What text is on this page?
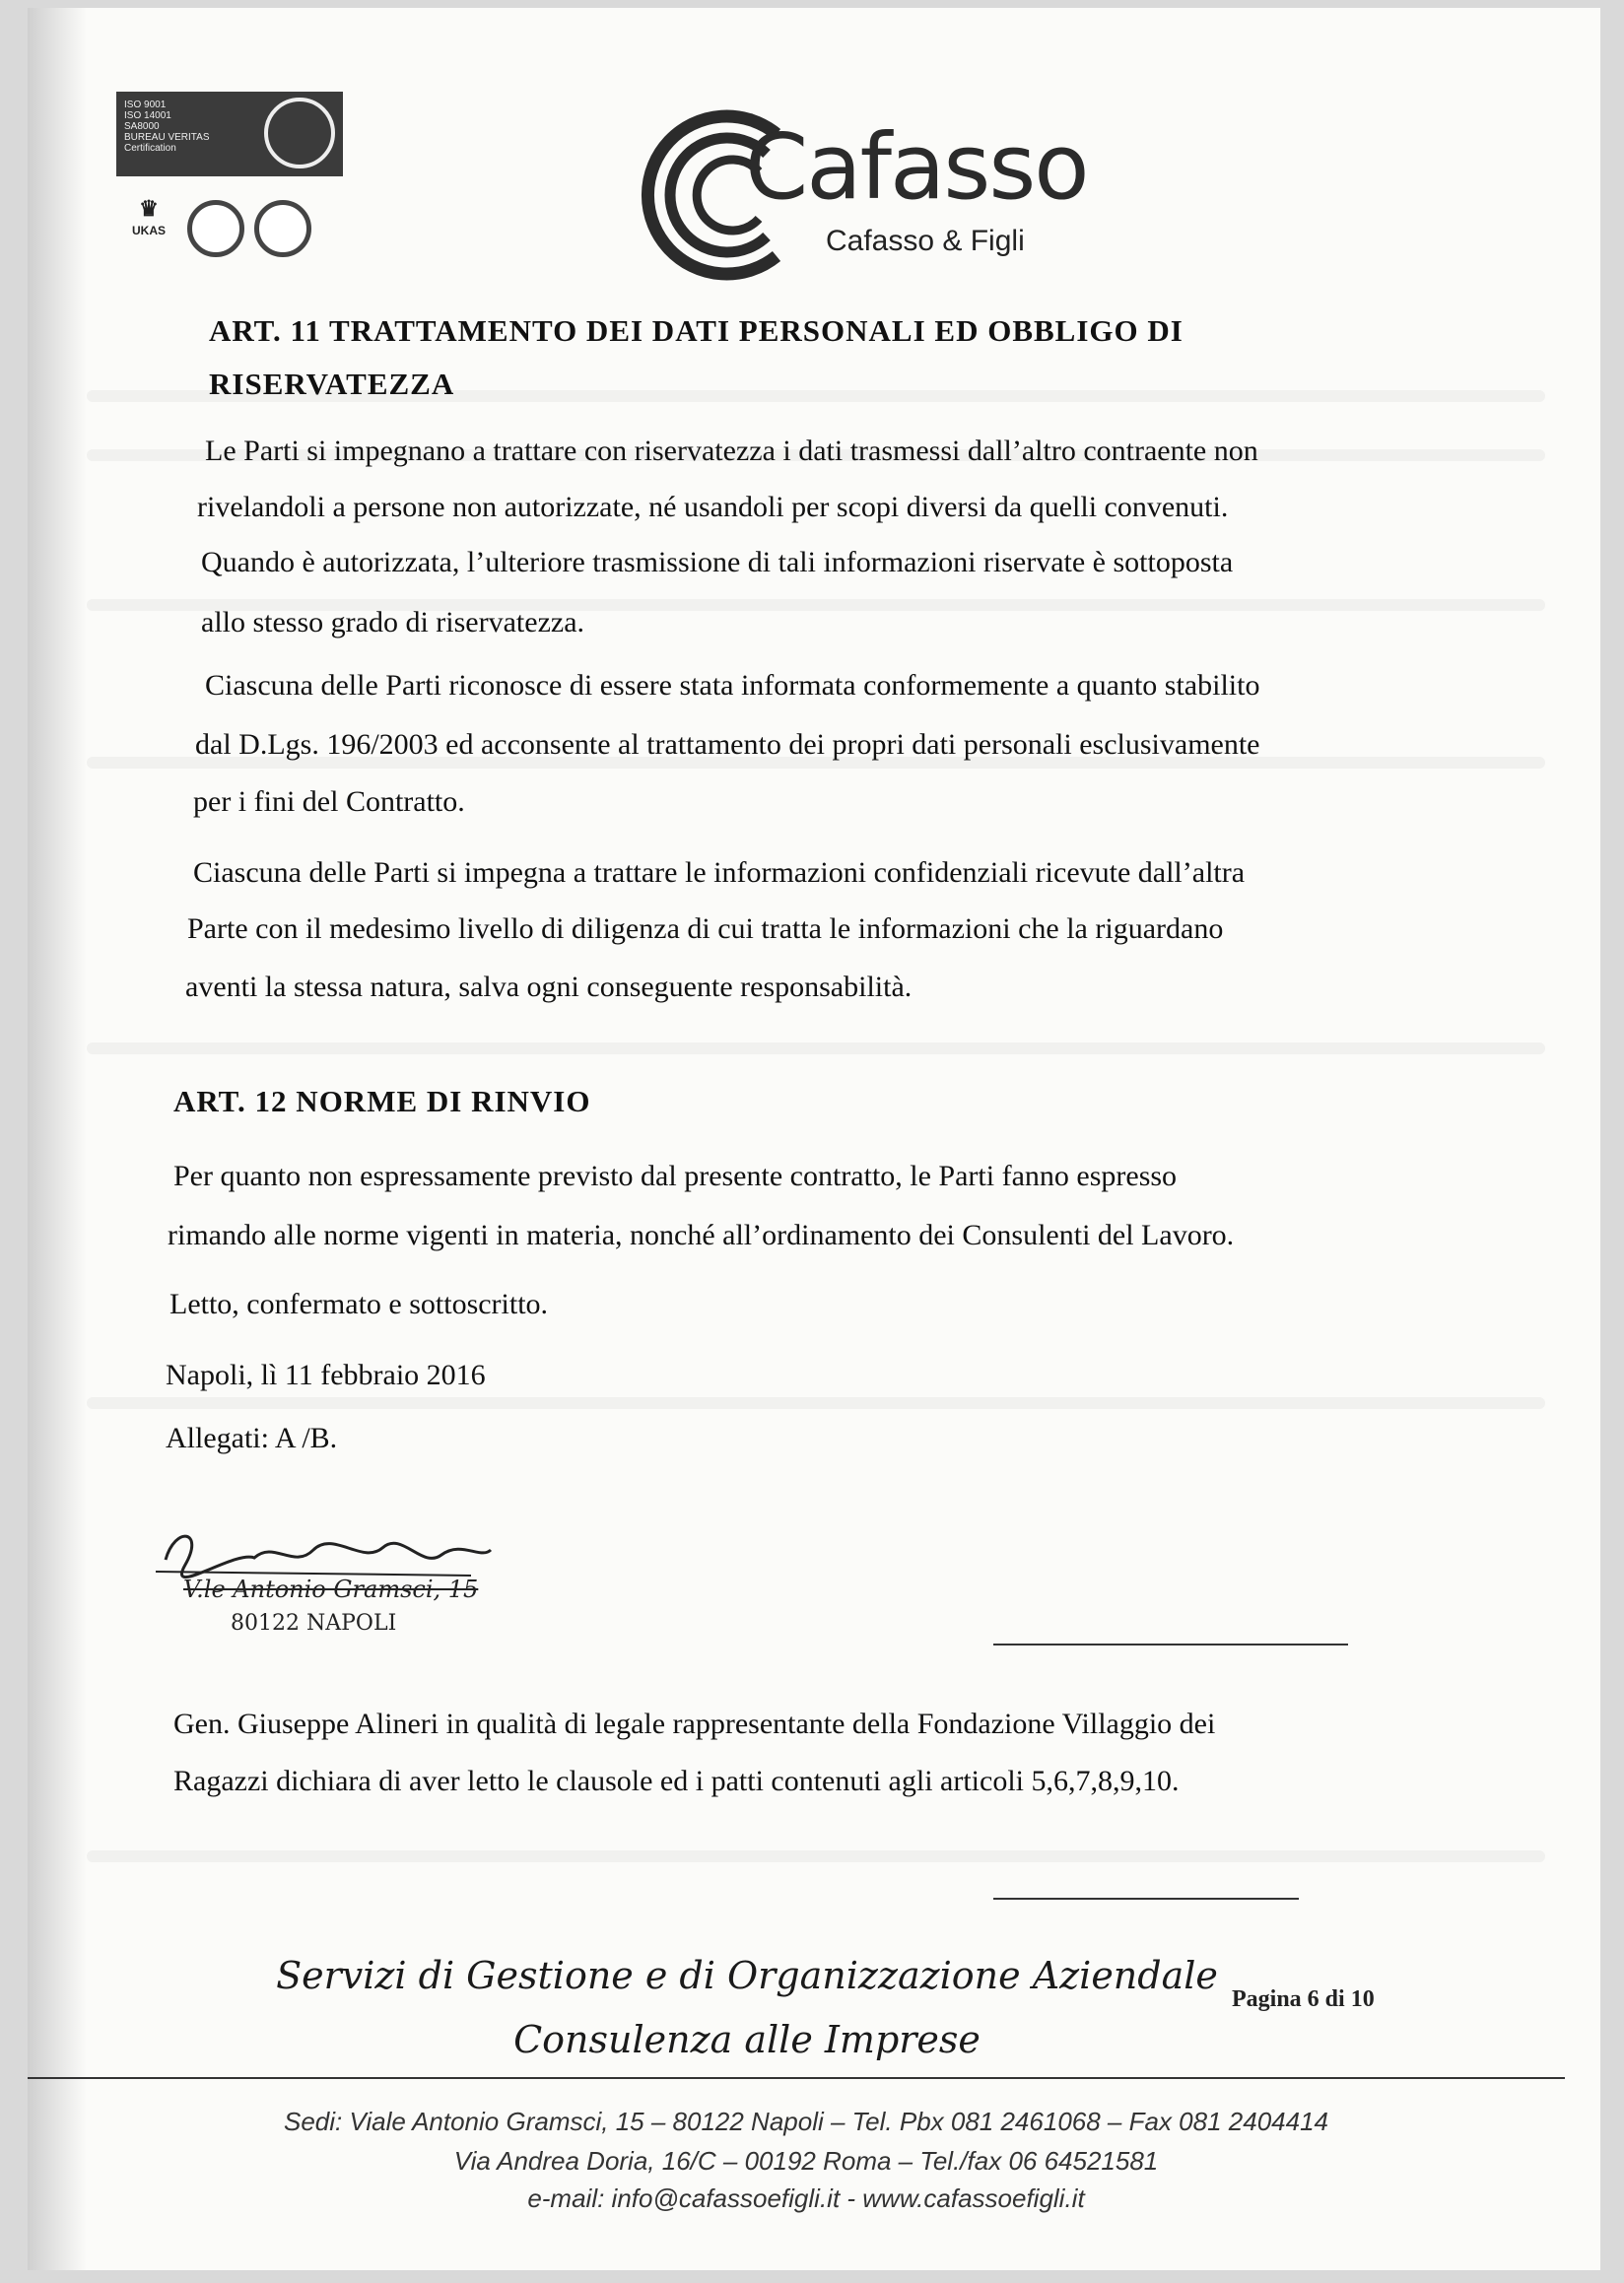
ISO 9001
ISO 14001
SA8000
BUREAU VERITAS
Certification
♛
UKAS
Cafasso
Cafasso & Figli
ART. 11 TRATTAMENTO DEI DATI PERSONALI ED OBBLIGO DI
RISERVATEZZA
Le Parti si impegnano a trattare con riservatezza i dati trasmessi dall’altro contraente non
rivelandoli a persone non autorizzate, né usandoli per scopi diversi da quelli convenuti.
Quando è autorizzata, l’ulteriore trasmissione di tali informazioni riservate è sottoposta
allo stesso grado di riservatezza.
Ciascuna delle Parti riconosce di essere stata informata conformemente a quanto stabilito
dal D.Lgs. 196/2003 ed acconsente al trattamento dei propri dati personali esclusivamente
per i fini del Contratto.
Ciascuna delle Parti si impegna a trattare le informazioni confidenziali ricevute dall’altra
Parte con il medesimo livello di diligenza di cui tratta le informazioni che la riguardano
aventi la stessa natura, salva ogni conseguente responsabilità.
ART. 12 NORME DI RINVIO
Per quanto non espressamente previsto dal presente contratto, le Parti fanno espresso
rimando alle norme vigenti in materia, nonché all’ordinamento dei Consulenti del Lavoro.
Letto, confermato e sottoscritto.
Napoli, lì 11 febbraio 2016
Allegati: A /B.
V.le Antonio Gramsci, 15
80122 NAPOLI
Gen. Giuseppe Alineri in qualità di legale rappresentante della Fondazione Villaggio dei
Ragazzi dichiara di aver letto le clausole ed i patti contenuti agli articoli 5,6,7,8,9,10.
Servizi di Gestione e di Organizzazione Aziendale
Pagina 6 di 10
Consulenza alle Imprese
Sedi: Viale Antonio Gramsci, 15 – 80122 Napoli – Tel. Pbx 081 2461068 – Fax 081 2404414
Via Andrea Doria, 16/C – 00192 Roma – Tel./fax 06 64521581
e-mail: info@cafassoefigli.it - www.cafassoefigli.it
